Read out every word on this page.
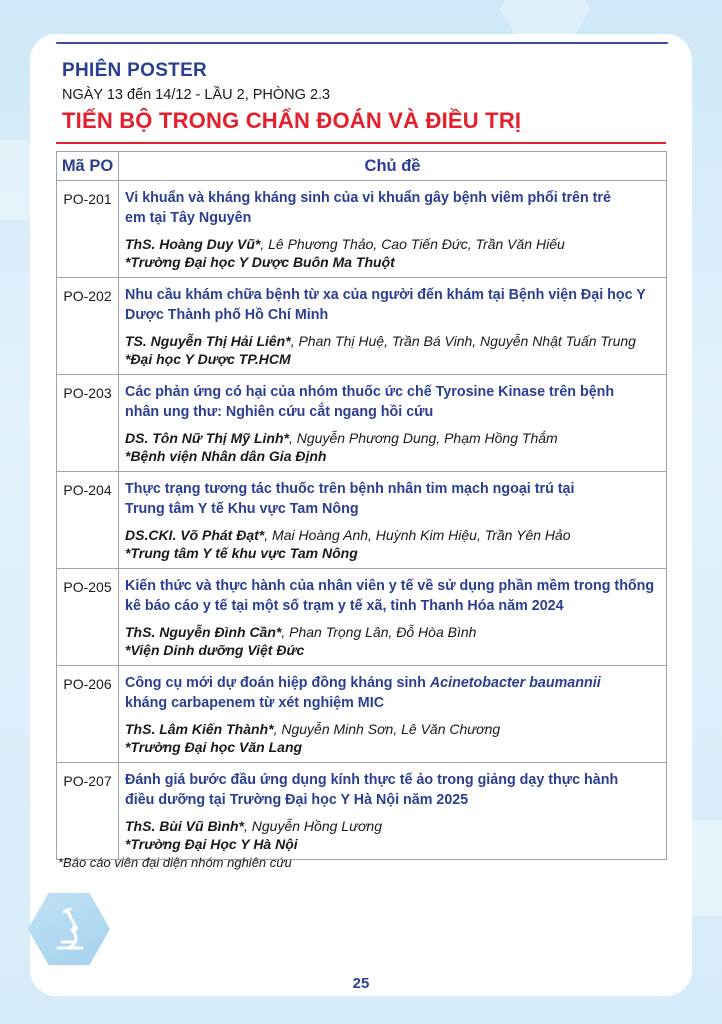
PHIÊN POSTER

NGÀY 13 đến 14/12 - LẦU 2, PHÒNG 2.3

TIẾN BỘ TRONG CHẨN ĐOÁN VÀ ĐIỀU TRỊ
Mã PO	Chủ đề
PO-201	Vi khuẩn và kháng kháng sinh của vi khuẩn gây bệnh viêm phổi trên trẻ
em tại Tây Nguyên
ThS. Hoàng Duy Vũ*, Lê Phương Thảo, Cao Tiến Đức, Trần Văn Hiếu
*Trường Đại học Y Dược Buôn Ma Thuột

PO-202	Nhu cầu khám chữa bệnh từ xa của người đến khám tại Bệnh viện Đại học Y
Dược Thành phố Hồ Chí Minh
TS. Nguyễn Thị Hải Liên*, Phan Thị Huệ, Trần Bá Vinh, Nguyễn Nhật Tuấn Trung
*Đại học Y Dược TP.HCM

PO-203	Các phản ứng có hại của nhóm thuốc ức chế Tyrosine Kinase trên bệnh
nhân ung thư: Nghiên cứu cắt ngang hồi cứu
DS. Tôn Nữ Thị Mỹ Linh*, Nguyễn Phương Dung, Phạm Hồng Thắm
*Bệnh viện Nhân dân Gia Định

PO-204	Thực trạng tương tác thuốc trên bệnh nhân tim mạch ngoại trú tại
Trung tâm Y tế Khu vực Tam Nông
DS.CKI. Võ Phát Đạt*, Mai Hoàng Anh, Huỳnh Kim Hiệu, Trần Yên Hảo
*Trung tâm Y tế khu vực Tam Nông

PO-205	Kiến thức và thực hành của nhân viên y tế về sử dụng phần mềm trong thống
kê báo cáo y tế tại một số trạm y tế xã, tỉnh Thanh Hóa năm 2024
ThS. Nguyễn Đình Cần*, Phan Trọng Lân, Đỗ Hòa Bình
*Viện Dinh dưỡng Việt Đức

PO-206	Công cụ mới dự đoán hiệp đồng kháng sinh Acinetobacter baumannii
kháng carbapenem từ xét nghiệm MIC
ThS. Lâm Kiến Thành*, Nguyễn Minh Sơn, Lê Văn Chương
*Trường Đại học Văn Lang

PO-207	Đánh giá bước đầu ứng dụng kính thực tế ảo trong giảng dạy thực hành
điều dưỡng tại Trường Đại học Y Hà Nội năm 2025
ThS. Bùi Vũ Bình*, Nguyễn Hồng Lương
*Trường Đại Học Y Hà Nội

*Báo cáo viên đại diện nhóm nghiên cứu

25
